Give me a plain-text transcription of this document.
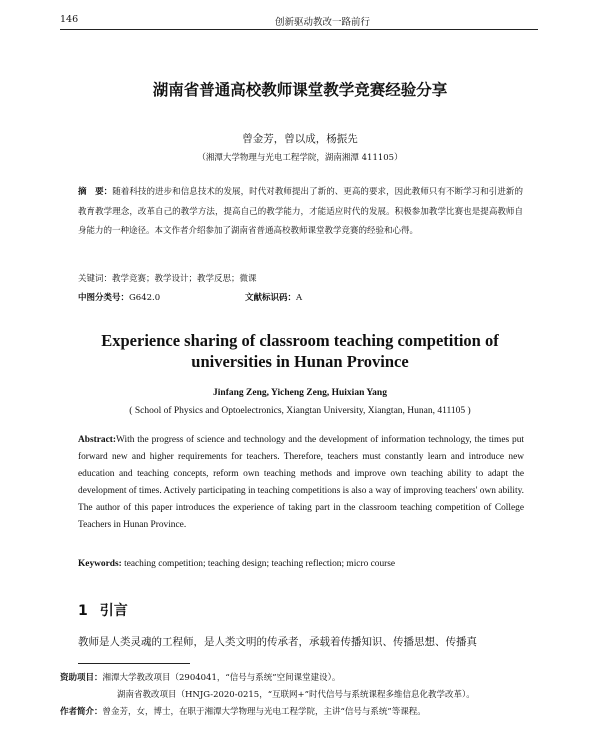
146	创新驱动教改一路前行
湖南省普通高校教师课堂教学竞赛经验分享
曾金芳，曾以成，杨振先
（湘潭大学物理与光电工程学院，湖南湘潭 411105）
摘　要：随着科技的进步和信息技术的发展，时代对教师提出了新的、更高的要求，因此教师只有不断学习和引进新的教育教学理念，改革自己的教学方法，提高自己的教学能力，才能适应时代的发展。积极参加教学比赛也是提高教师自身能力的一种途径。本文作者介绍参加了湖南省普通高校教师课堂教学竞赛的经验和心得。
关键词：教学竞赛；教学设计；教学反思；微课
中图分类号：G642.0	文献标识码：A
Experience sharing of classroom teaching competition of universities in Hunan Province
Jinfang Zeng, Yicheng Zeng, Huixian Yang
( School of Physics and Optoelectronics, Xiangtan University, Xiangtan, Hunan, 411105 )
Abstract:With the progress of science and technology and the development of information technology, the times put forward new and higher requirements for teachers. Therefore, teachers must constantly learn and introduce new education and teaching concepts, reform own teaching methods and improve own teaching ability to adapt the development of times. Actively participating in teaching competitions is also a way of improving teachers' own ability. The author of this paper introduces the experience of taking part in the classroom teaching competition of College Teachers in Hunan Province.
Keywords: teaching competition; teaching design; teaching reflection; micro course
1 引言
教师是人类灵魂的工程师，是人类文明的传承者，承载着传播知识、传播思想、传播真
资助项目：湘潭大学教改项目（2904041，“信号与系统”空间课堂建设）。
湖南省教改项目（HNJG-2020-0215，“互联网+”时代信号与系统课程多维信息化教学改革）。
作者简介：曾金芳，女，博士，在职于湘潭大学物理与光电工程学院，主讲“信号与系统”等课程。
